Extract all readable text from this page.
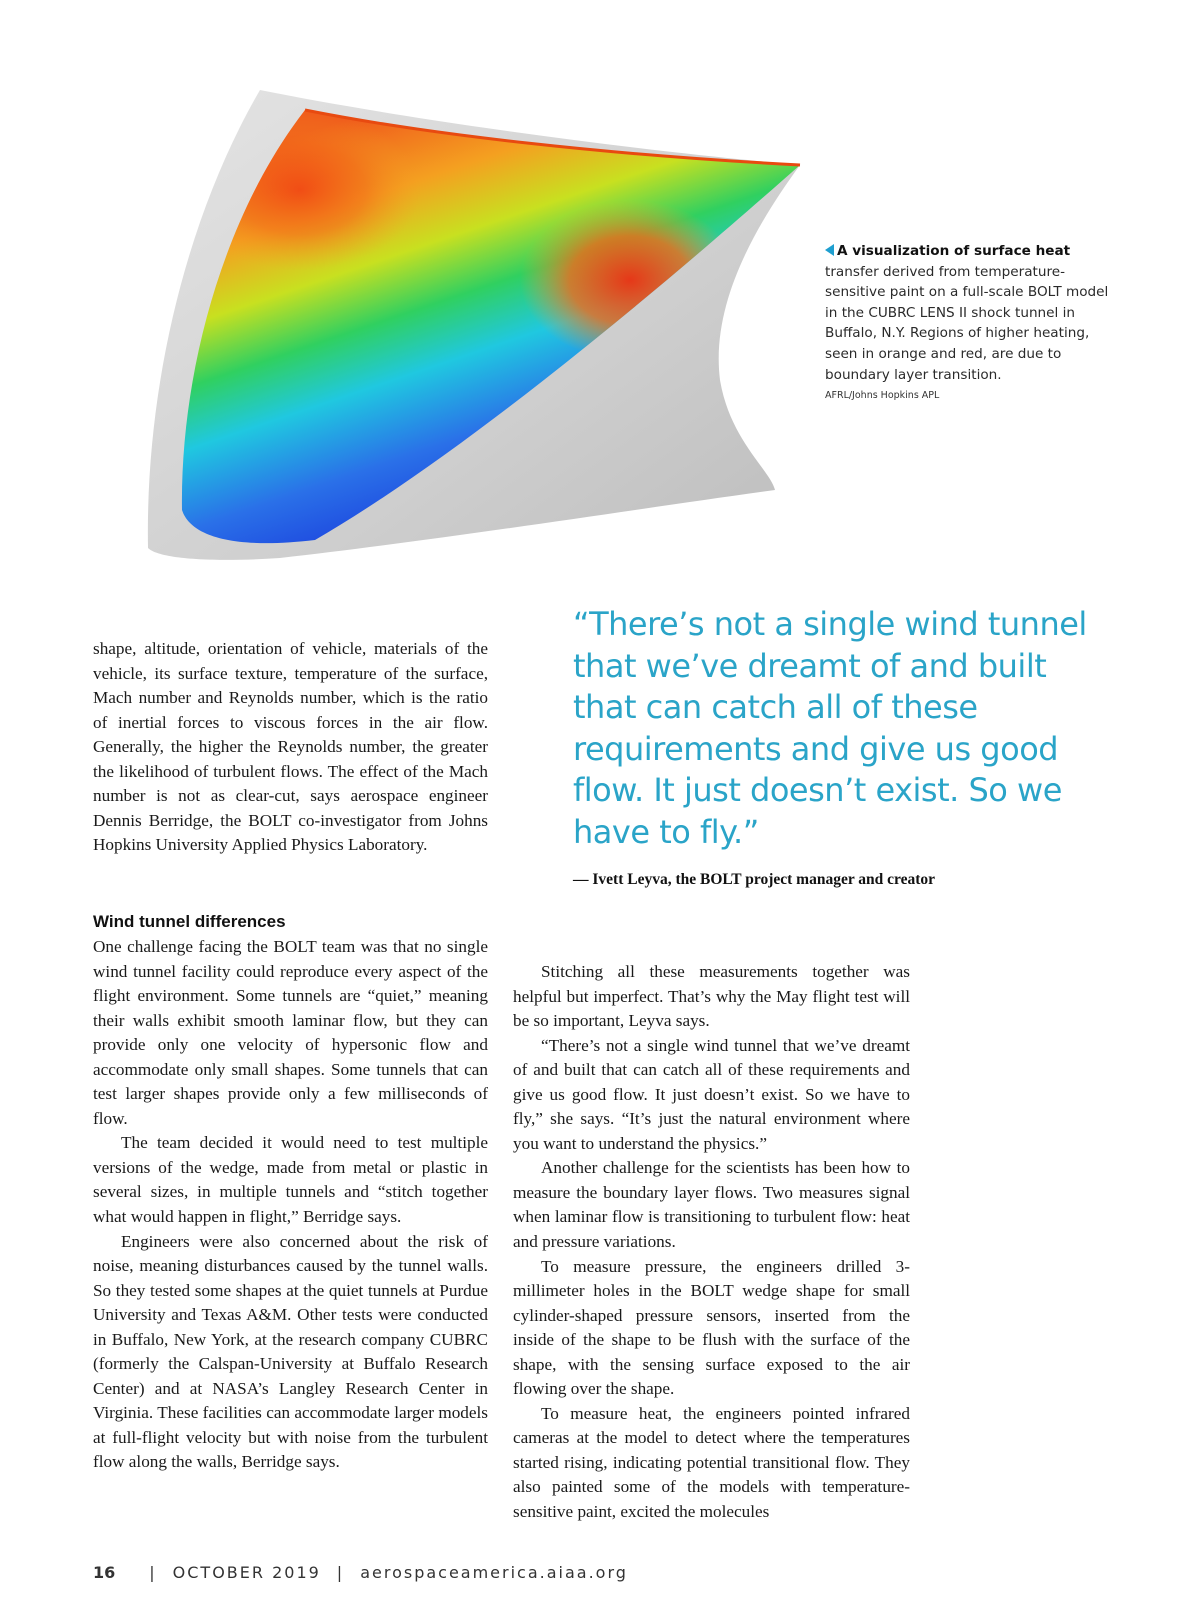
A visualization of surface heat transfer derived from temperature-sensitive paint on a full-scale BOLT model in the CUBRC LENS II shock tunnel in Buffalo, N.Y. Regions of higher heating, seen in orange and red, are due to boundary layer transition.
AFRL/Johns Hopkins APL
“There’s not a single wind tunnel that we’ve dreamt of and built that can catch all of these requirements and give us good flow. It just doesn’t exist. So we have to fly.”
— Ivett Leyva, the BOLT project manager and creator

shape, altitude, orientation of vehicle, materials of the vehicle, its surface texture, temperature of the surface, Mach number and Reynolds number, which is the ratio of inertial forces to viscous forces in the air flow. Generally, the higher the Reynolds number, the greater the likelihood of turbulent flows. The effect of the Mach number is not as clear-cut, says aerospace engineer Dennis Berridge, the BOLT co-investigator from Johns Hopkins University Applied Physics Laboratory.

Wind tunnel differences

One challenge facing the BOLT team was that no single wind tunnel facility could reproduce every aspect of the flight environment. Some tunnels are “quiet,” meaning their walls exhibit smooth laminar flow, but they can provide only one velocity of hypersonic flow and accommodate only small shapes. Some tunnels that can test larger shapes provide only a few milliseconds of flow.

The team decided it would need to test multiple versions of the wedge, made from metal or plastic in several sizes, in multiple tunnels and “stitch together what would happen in flight,” Berridge says.

Engineers were also concerned about the risk of noise, meaning disturbances caused by the tunnel walls. So they tested some shapes at the quiet tunnels at Purdue University and Texas A&M. Other tests were conducted in Buffalo, New York, at the research company CUBRC (formerly the Calspan-University at Buffalo Research Center) and at NASA’s Langley Research Center in Virginia. These facilities can accommodate larger models at full-flight velocity but with noise from the turbulent flow along the walls, Berridge says.

Stitching all these measurements together was helpful but imperfect. That’s why the May flight test will be so important, Leyva says.

“There’s not a single wind tunnel that we’ve dreamt of and built that can catch all of these requirements and give us good flow. It just doesn’t exist. So we have to fly,” she says. “It’s just the natural environment where you want to understand the physics.”

Another challenge for the scientists has been how to measure the boundary layer flows. Two measures signal when laminar flow is transitioning to turbulent flow: heat and pressure variations.

To measure pressure, the engineers drilled 3-millimeter holes in the BOLT wedge shape for small cylinder-shaped pressure sensors, inserted from the inside of the shape to be flush with the surface of the shape, with the sensing surface exposed to the air flowing over the shape.

To measure heat, the engineers pointed infrared cameras at the model to detect where the temperatures started rising, indicating potential transitional flow. They also painted some of the models with temperature-sensitive paint, excited the molecules

16 | OCTOBER 2019 | aerospaceamerica.aiaa.org
